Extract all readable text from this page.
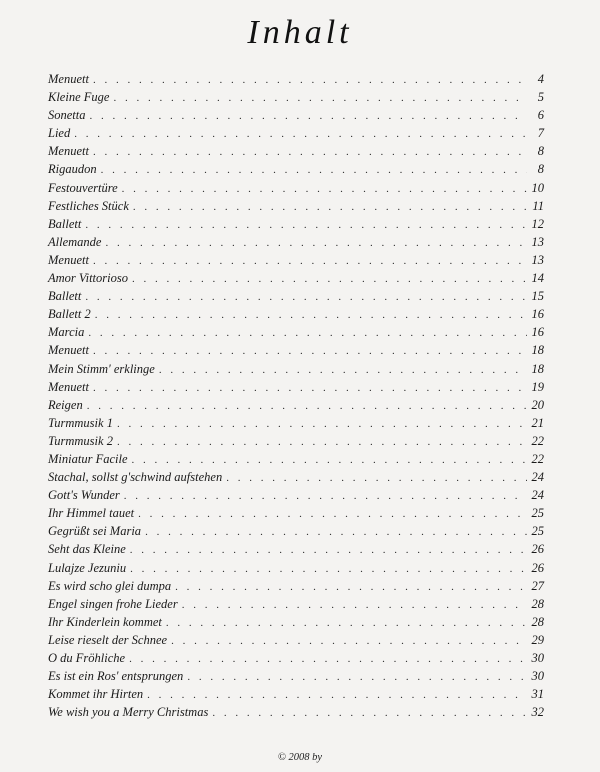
Inhalt
Menuett . . .	4
Kleine Fuge . . .	5
Sonetta . . .	6
Lied . . .	7
Menuett . . .	8
Rigaudon . . .	8
Festouvertüre . . .	10
Festliches Stück . . .	11
Ballett . . .	12
Allemande . . .	13
Menuett . . .	13
Amor Vittorioso . . .	14
Ballett . . .	15
Ballett 2 . . .	16
Marcia . . .	16
Menuett . . .	18
Mein Stimm' erklinge . . .	18
Menuett . . .	19
Reigen . . .	20
Turmmusik 1 . . .	21
Turmmusik 2 . . .	22
Miniatur Facile . . .	22
Stachal, sollst g'schwind aufstehen . . .	24
Gott's Wunder . . .	24
Ihr Himmel tauet . . .	25
Gegrüßt sei Maria . . .	25
Seht das Kleine . . .	26
Lulajze Jezuniu . . .	26
Es wird scho glei dumpa . . .	27
Engel singen frohe Lieder . . .	28
Ihr Kinderlein kommet . . .	28
Leise rieselt der Schnee . . .	29
O du Fröhliche . . .	30
Es ist ein Ros' entsprungen . . .	30
Kommet ihr Hirten . . .	31
We wish you a Merry Christmas . . .	32
© 2008 by
